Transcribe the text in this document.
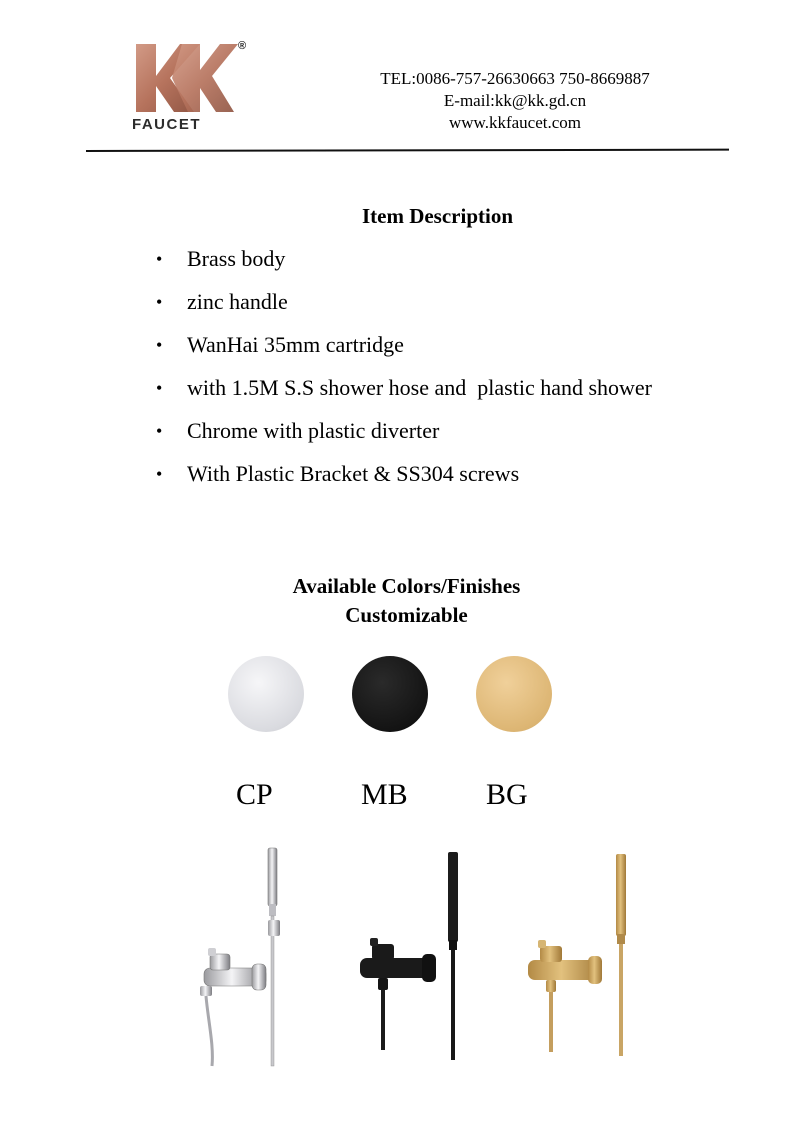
FAUCET
®
TEL:0086-757-26630663 750-8669887
E-mail:kk@kk.gd.cn
www.kkfaucet.com
Item Description
• Brass body
• zinc handle
• WanHai 35mm cartridge
• with 1.5M S.S shower hose and  plastic hand shower
• Chrome with plastic diverter
• With Plastic Bracket & SS304 screws
Available Colors/Finishes
Customizable
CP	MB	BG
